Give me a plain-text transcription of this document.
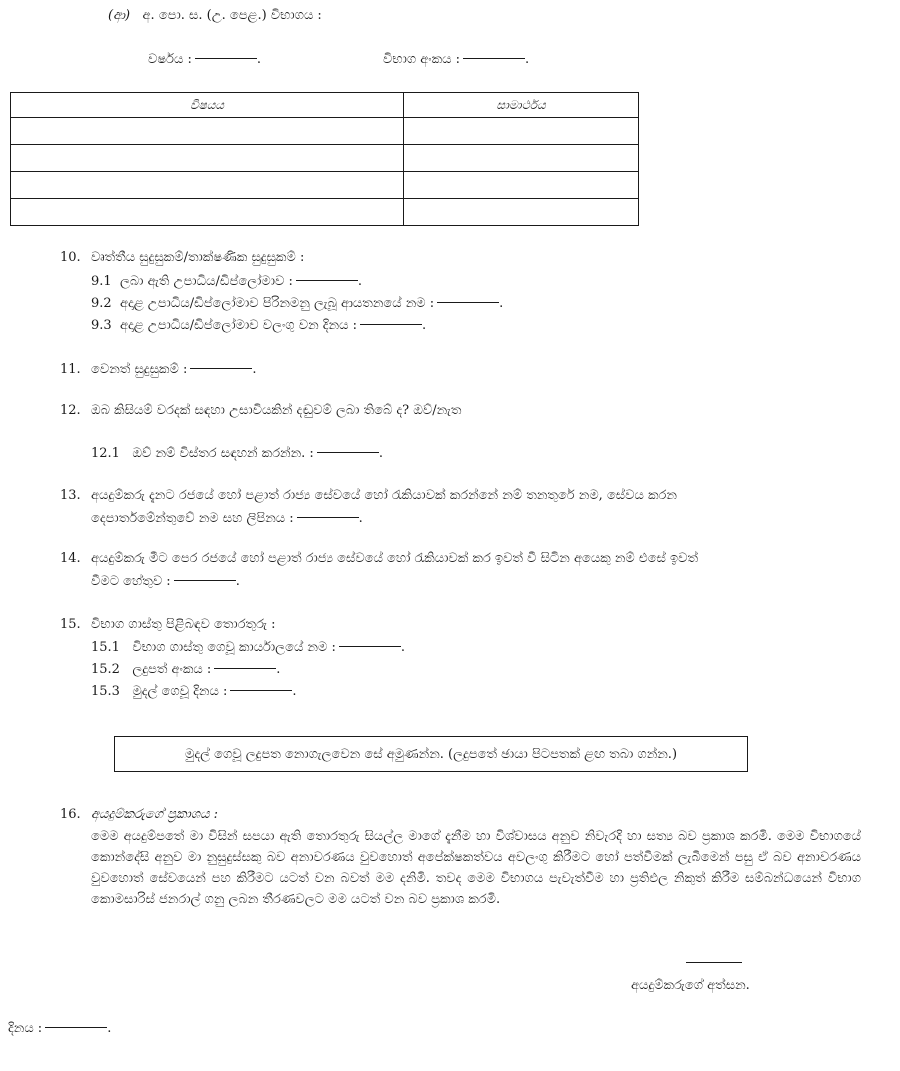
(ආ) අ. පො. ස. (උ. පෙළ.) විභාගය :
වර්ෂය :	.	විභාග අංකය :	.
විෂයය	සාමාර්ථය

10. වෘත්තීය සුදුසුකම්/තාක්ෂණික සුදුසුකම් :
9.1 ලබා ඇති උපාධිය/ඩිප්ලෝමාව :	.
9.2 අදාළ උපාධිය/ඩිප්ලෝමාව පිරිනමනු ලැබූ ආයතනයේ නම :	.
9.3 අදාළ උපාධිය/ඩිප්ලෝමාව වලංගු වන දිනය :	.
11. වෙනත් සුදුසුකම් :	.
12. ඔබ කිසියම් වරදක් සඳහා උසාවියකින් දඬුවම් ලබා තිබේ ද? ඔව්/නැත
12.1 ඔව් නම් විස්තර සඳහන් කරන්න. :	.
13. අයදුම්කරු දැනට රජයේ හෝ පළාත් රාජ්‍ය සේවයේ හෝ රැකියාවක් කරන්නේ නම් තනතුරේ නම, සේවය කරන
දෙපාර්තමේන්තුවේ නම සහ ලිපිනය :	.
14. අයදුම්කරු මීට පෙර රජයේ හෝ පළාත් රාජ්‍ය සේවයේ හෝ රැකියාවක් කර ඉවත් වී සිටින අයෙකු නම් එසේ ඉවත්
වීමට හේතුව :	.
15. විභාග ගාස්තු පිළිබඳව තොරතුරු :
15.1 විභාග ගාස්තු ගෙවූ කාර්යාලයේ නම :	.
15.2 ලදුපත් අංකය :	.
15.3 මුදල් ගෙවූ දිනය :	.
මුදල් ගෙවූ ලදුපත නොගැලවෙන සේ අමුණන්න. (ලදුපතේ ඡායා පිටපතක් ළඟ තබා ගන්න.)
16. අයදුම්කරුගේ ප්‍රකාශය :
මෙම අයදුම්පතේ මා විසින් සපයා ඇති තොරතුරු සියල්ල මාගේ දැනීම හා විශ්වාසය අනුව නිවැරදි හා සත්‍ය බව ප්‍රකාශ කරමි. මෙම විභාගයේ කොන්දේසි අනුව මා නුසුදුස්සකු බව අනාවරණය වුවහොත් අපේක්ෂකත්වය අවලංගු කිරීමට හෝ පත්වීමක් ලැබීමෙන් පසු ඒ බව අනාවරණය වුවහොත් සේවයෙන් පහ කිරීමට යටත් වන බවත් මම දනිමි. තවද මෙම විභාගය පැවැත්වීම හා ප්‍රතිඵල නිකුත් කිරීම සම්බන්ධයෙන් විභාග කොමසාරිස් ජනරාල් ගනු ලබන තීරණවලට මම යටත් වන බව ප්‍රකාශ කරමි.
අයදුම්කරුගේ අත්සන.
දිනය :	.
